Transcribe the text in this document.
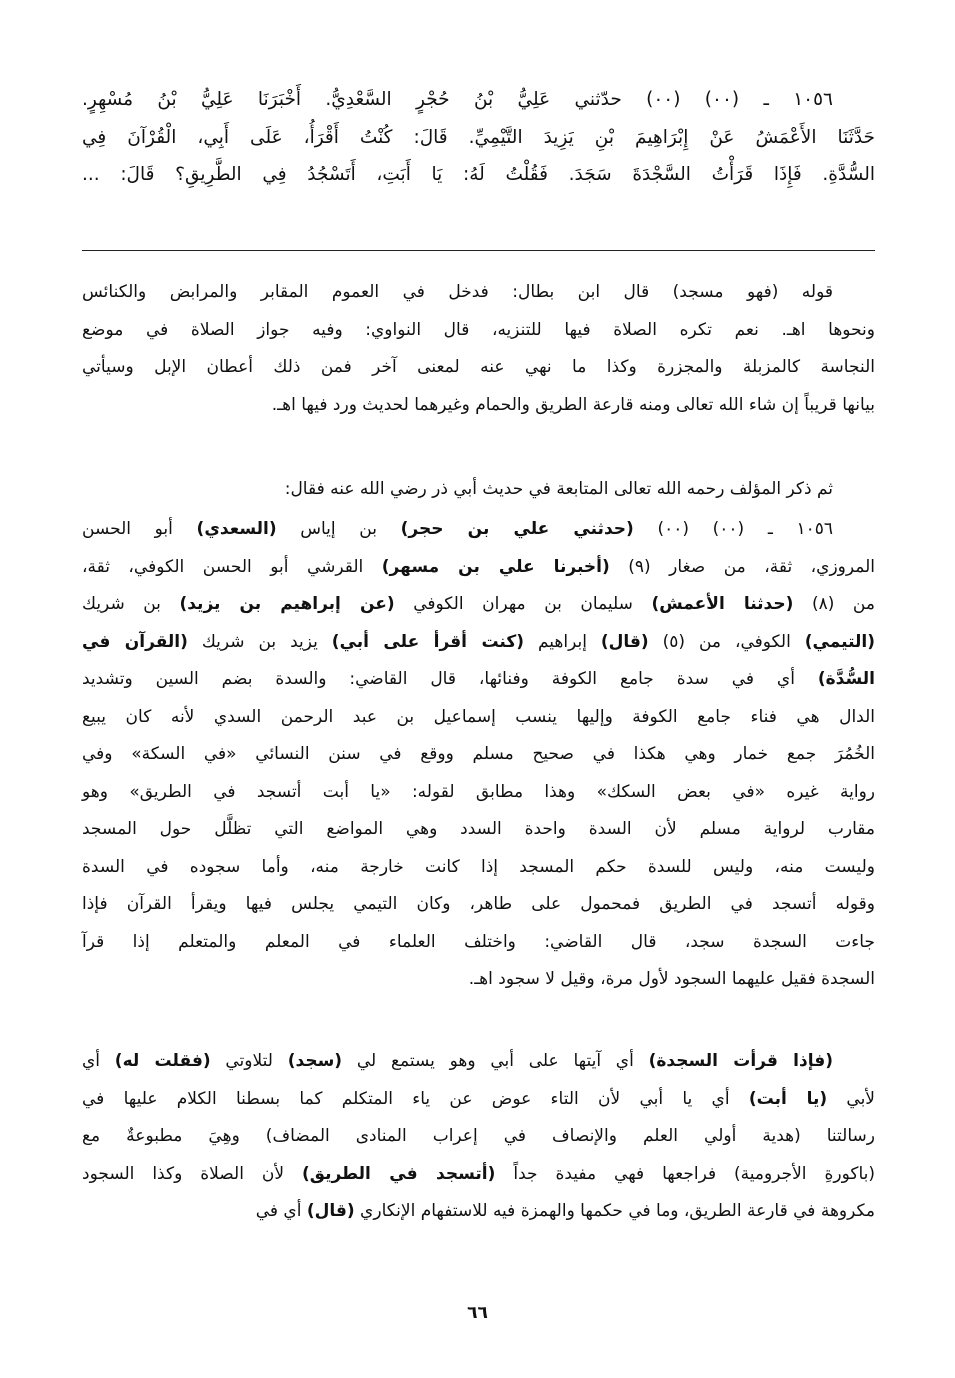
١٠٥٦ ـ (٠٠) (٠٠) حدّثني عَلِيُّ بْنُ حُجْرٍ السَّعْدِيُّ. أَخْبَرَنَا عَلِيُّ بْنُ مُسْهِرٍ.
حَدَّثَنَا الأَعْمَشُ عَنْ إِبْرَاهِيمَ بْنِ يَزِيدَ التَّيْمِيِّ. قَالَ: كُنْتُ أَقْرَأُ، عَلَى أَبِي، الْقُرْآنَ فِي
السُّدَّةِ. فَإِذَا قَرَأْتُ السَّجْدَةَ سَجَدَ. فَقُلْتُ لَهُ: يَا أَبَتِ، أَتَسْجُدُ فِي الطَّرِيقِ؟ قَالَ: ...
قوله (فهو مسجد) قال ابن بطال: فدخل في العموم المقابر والمرابض والكنائس
ونحوها اهـ. نعم تكره الصلاة فيها للتنزيه، قال النواوي: وفيه جواز الصلاة في موضع
النجاسة كالمزبلة والمجزرة وكذا ما نهي عنه لمعنى آخر فمن ذلك أعطان الإبل وسيأتي
بيانها قريباً إن شاء الله تعالى ومنه قارعة الطريق والحمام وغيرهما لحديث ورد فيها اهـ.
ثم ذكر المؤلف رحمه الله تعالى المتابعة في حديث أبي ذر رضي الله عنه فقال:
١٠٥٦ ـ (٠٠) (٠٠) (حدثني علي بن حجر) بن إياس (السعدي) أبو الحسن
المروزي، ثقة، من صغار (٩) (أخبرنا علي بن مسهر) القرشي أبو الحسن الكوفي، ثقة،
من (٨) (حدثنا الأعمش) سليمان بن مهران الكوفي (عن إبراهيم بن يزيد) بن شريك
(التيمي) الكوفي، من (٥) (قال) إبراهيم (كنت أقرأ على أبي) يزيد بن شريك (القرآن في
السُّدَّة) أي في سدة جامع الكوفة وفنائها، قال القاضي: والسدة بضم السين وتشديد
الدال هي فناء جامع الكوفة وإليها ينسب إسماعيل بن عبد الرحمن السدي لأنه كان يبيع
الخُمُرَ جمع خمار وهي هكذا في صحيح مسلم ووقع في سنن النسائي «في السكة» وفي
رواية غيره «في بعض السكك» وهذا مطابق لقوله: «يا أبت أتسجد في الطريق» وهو
مقارب لرواية مسلم لأن السدة واحدة السدد وهي المواضع التي تظلَّل حول المسجد
وليست منه، وليس للسدة حكم المسجد إذا كانت خارجة منه، وأما سجوده في السدة
وقوله أتسجد في الطريق فمحمول على طاهر، وكان التيمي يجلس فيها ويقرأ القرآن فإذا
جاءت السجدة سجد، قال القاضي: واختلف العلماء في المعلم والمتعلم إذا قرآ
السجدة فقيل عليهما السجود لأول مرة، وقيل لا سجود اهـ.
(فإذا قرأت السجدة) أي آيتها على أبي وهو يستمع لي (سجد) لتلاوتي (فقلت له) أي
لأبي (يا أبت) أي يا أبي لأن التاء عوض عن ياء المتكلم كما بسطنا الكلام عليها في
رسالتنا (هدية أولي العلم والإنصاف في إعراب المنادى المضاف) وهِيَ مطبوعةٌ مع
(باكورةِ الأجرومية) فراجعها فهي مفيدة جداً (أتسجد في الطريق) لأن الصلاة وكذا السجود
مكروهة في قارعة الطريق، وما في حكمها والهمزة فيه للاستفهام الإنكاري (قال) أي في
٦٦
